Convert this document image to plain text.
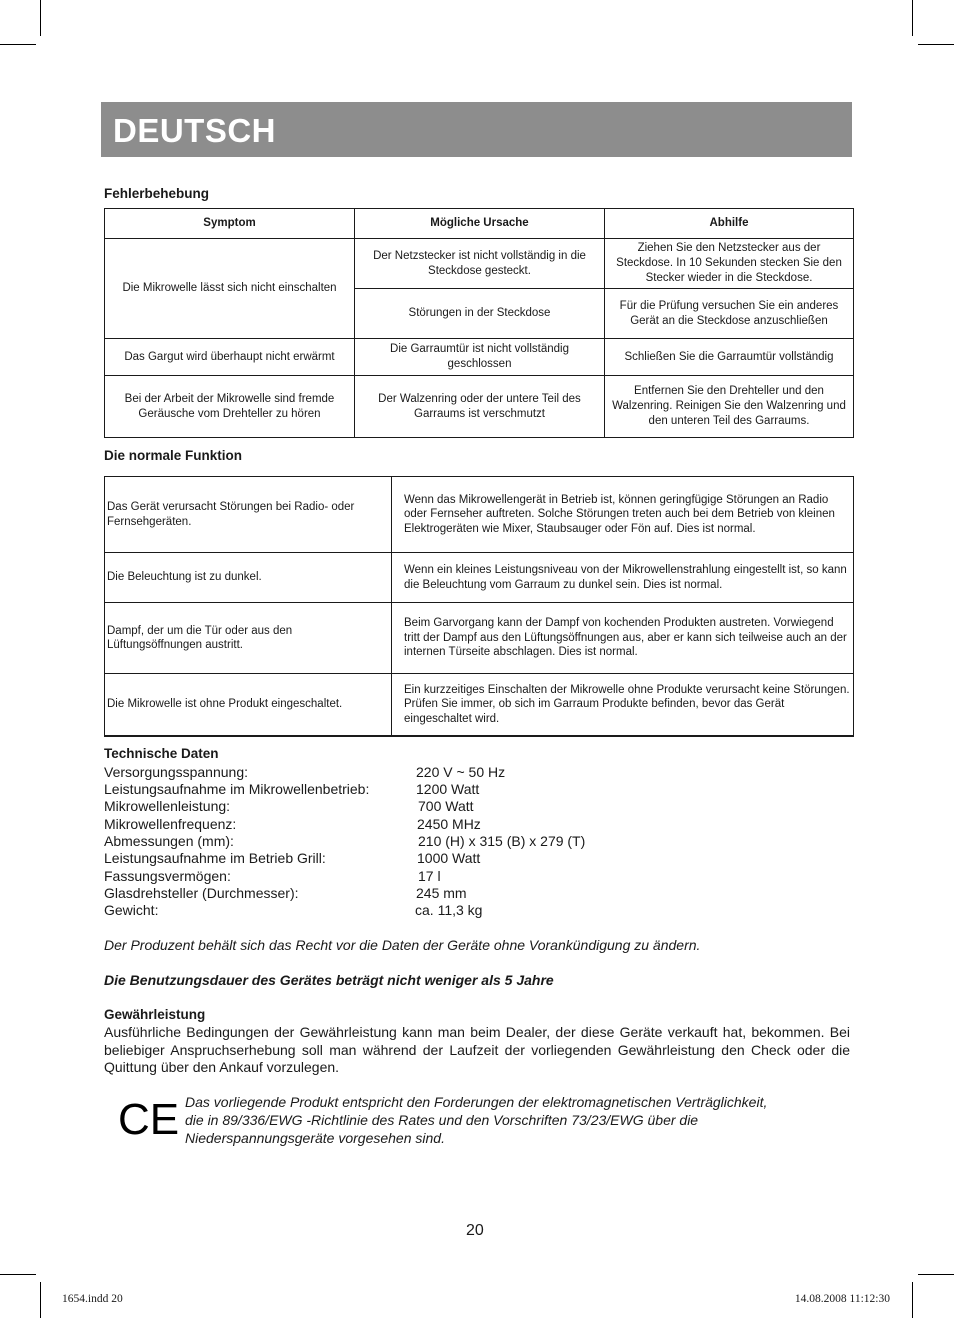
DEUTSCH
Fehlerbehebung
Symptom	Mögliche Ursache	Abhilfe
Die Mikrowelle lässt sich nicht einschalten	Der Netzstecker ist nicht vollständig in die Steckdose gesteckt.	Ziehen Sie den Netzstecker aus der Steckdose. In 10 Sekunden stecken Sie den Stecker wieder in die Steckdose.
	Störungen in der Steckdose	Für die Prüfung versuchen Sie ein anderes Gerät an die Steckdose anzuschließen
Das Gargut wird überhaupt nicht erwärmt	Die Garraumtür ist nicht vollständig geschlossen	Schließen Sie die Garraumtür vollständig
Bei der Arbeit der Mikrowelle sind fremde Geräusche vom Drehteller zu hören	Der Walzenring oder der untere Teil des Garraums ist verschmutzt	Entfernen Sie den Drehteller und den Walzenring. Reinigen Sie den Walzenring und den unteren Teil des Garraums.
Die normale Funktion
Das Gerät verursacht Störungen bei Radio- oder Fernsehgeräten.	Wenn das Mikrowellengerät in Betrieb ist, können geringfügige Störungen an Radio oder Fernseher auftreten. Solche Störungen treten auch bei dem Betrieb von kleinen Elektrogeräten wie Mixer, Staubsauger oder Fön auf. Dies ist normal.
Die Beleuchtung ist zu dunkel.	Wenn ein kleines Leistungsniveau von der Mikrowellenstrahlung eingestellt ist, so kann die Beleuchtung vom Garraum zu dunkel sein. Dies ist normal.
Dampf, der um die Tür oder aus den Lüftungsöffnungen austritt.	Beim Garvorgang kann der Dampf von kochenden Produkten austreten. Vorwiegend tritt der Dampf aus den Lüftungsöffnungen aus, aber er kann sich teilweise auch an der internen Türseite abschlagen. Dies ist normal.
Die Mikrowelle ist ohne Produkt eingeschaltet.	Ein kurzzeitiges Einschalten der Mikrowelle ohne Produkte verursacht keine Störungen. Prüfen Sie immer, ob sich im Garraum Produkte befinden, bevor das Gerät eingeschaltet wird.
Technische Daten
Versorgungsspannung:	220 V ~ 50 Hz
Leistungsaufnahme im Mikrowellenbetrieb:	1200 Watt
Mikrowellenleistung:	700 Watt
Mikrowellenfrequenz:	2450 MHz
Abmessungen (mm):	210 (H) x 315 (B) x 279 (T)
Leistungsaufnahme im Betrieb Grill:	1000 Watt
Fassungsvermögen:	17 l
Glasdrehsteller (Durchmesser):	245 mm
Gewicht:	ca. 11,3 kg
Der Produzent behält sich das Recht vor die Daten der Geräte ohne Vorankündigung zu ändern.
Die Benutzungsdauer des Gerätes beträgt nicht weniger als 5 Jahre
Gewährleistung
Ausführliche Bedingungen der Gewährleistung kann man beim Dealer, der diese Geräte verkauft hat, bekommen. Bei beliebiger Anspruchserhebung soll man während der Laufzeit der vorliegenden Gewährleistung den Check oder die Quittung über den Ankauf vorzulegen.
CE Das vorliegende Produkt entspricht den Forderungen der elektromagnetischen Verträglichkeit,
die in 89/336/EWG -Richtlinie des Rates und den Vorschriften 73/23/EWG über die
Niederspannungsgeräte vorgesehen sind.
20
1654.indd 20	14.08.2008 11:12:30
